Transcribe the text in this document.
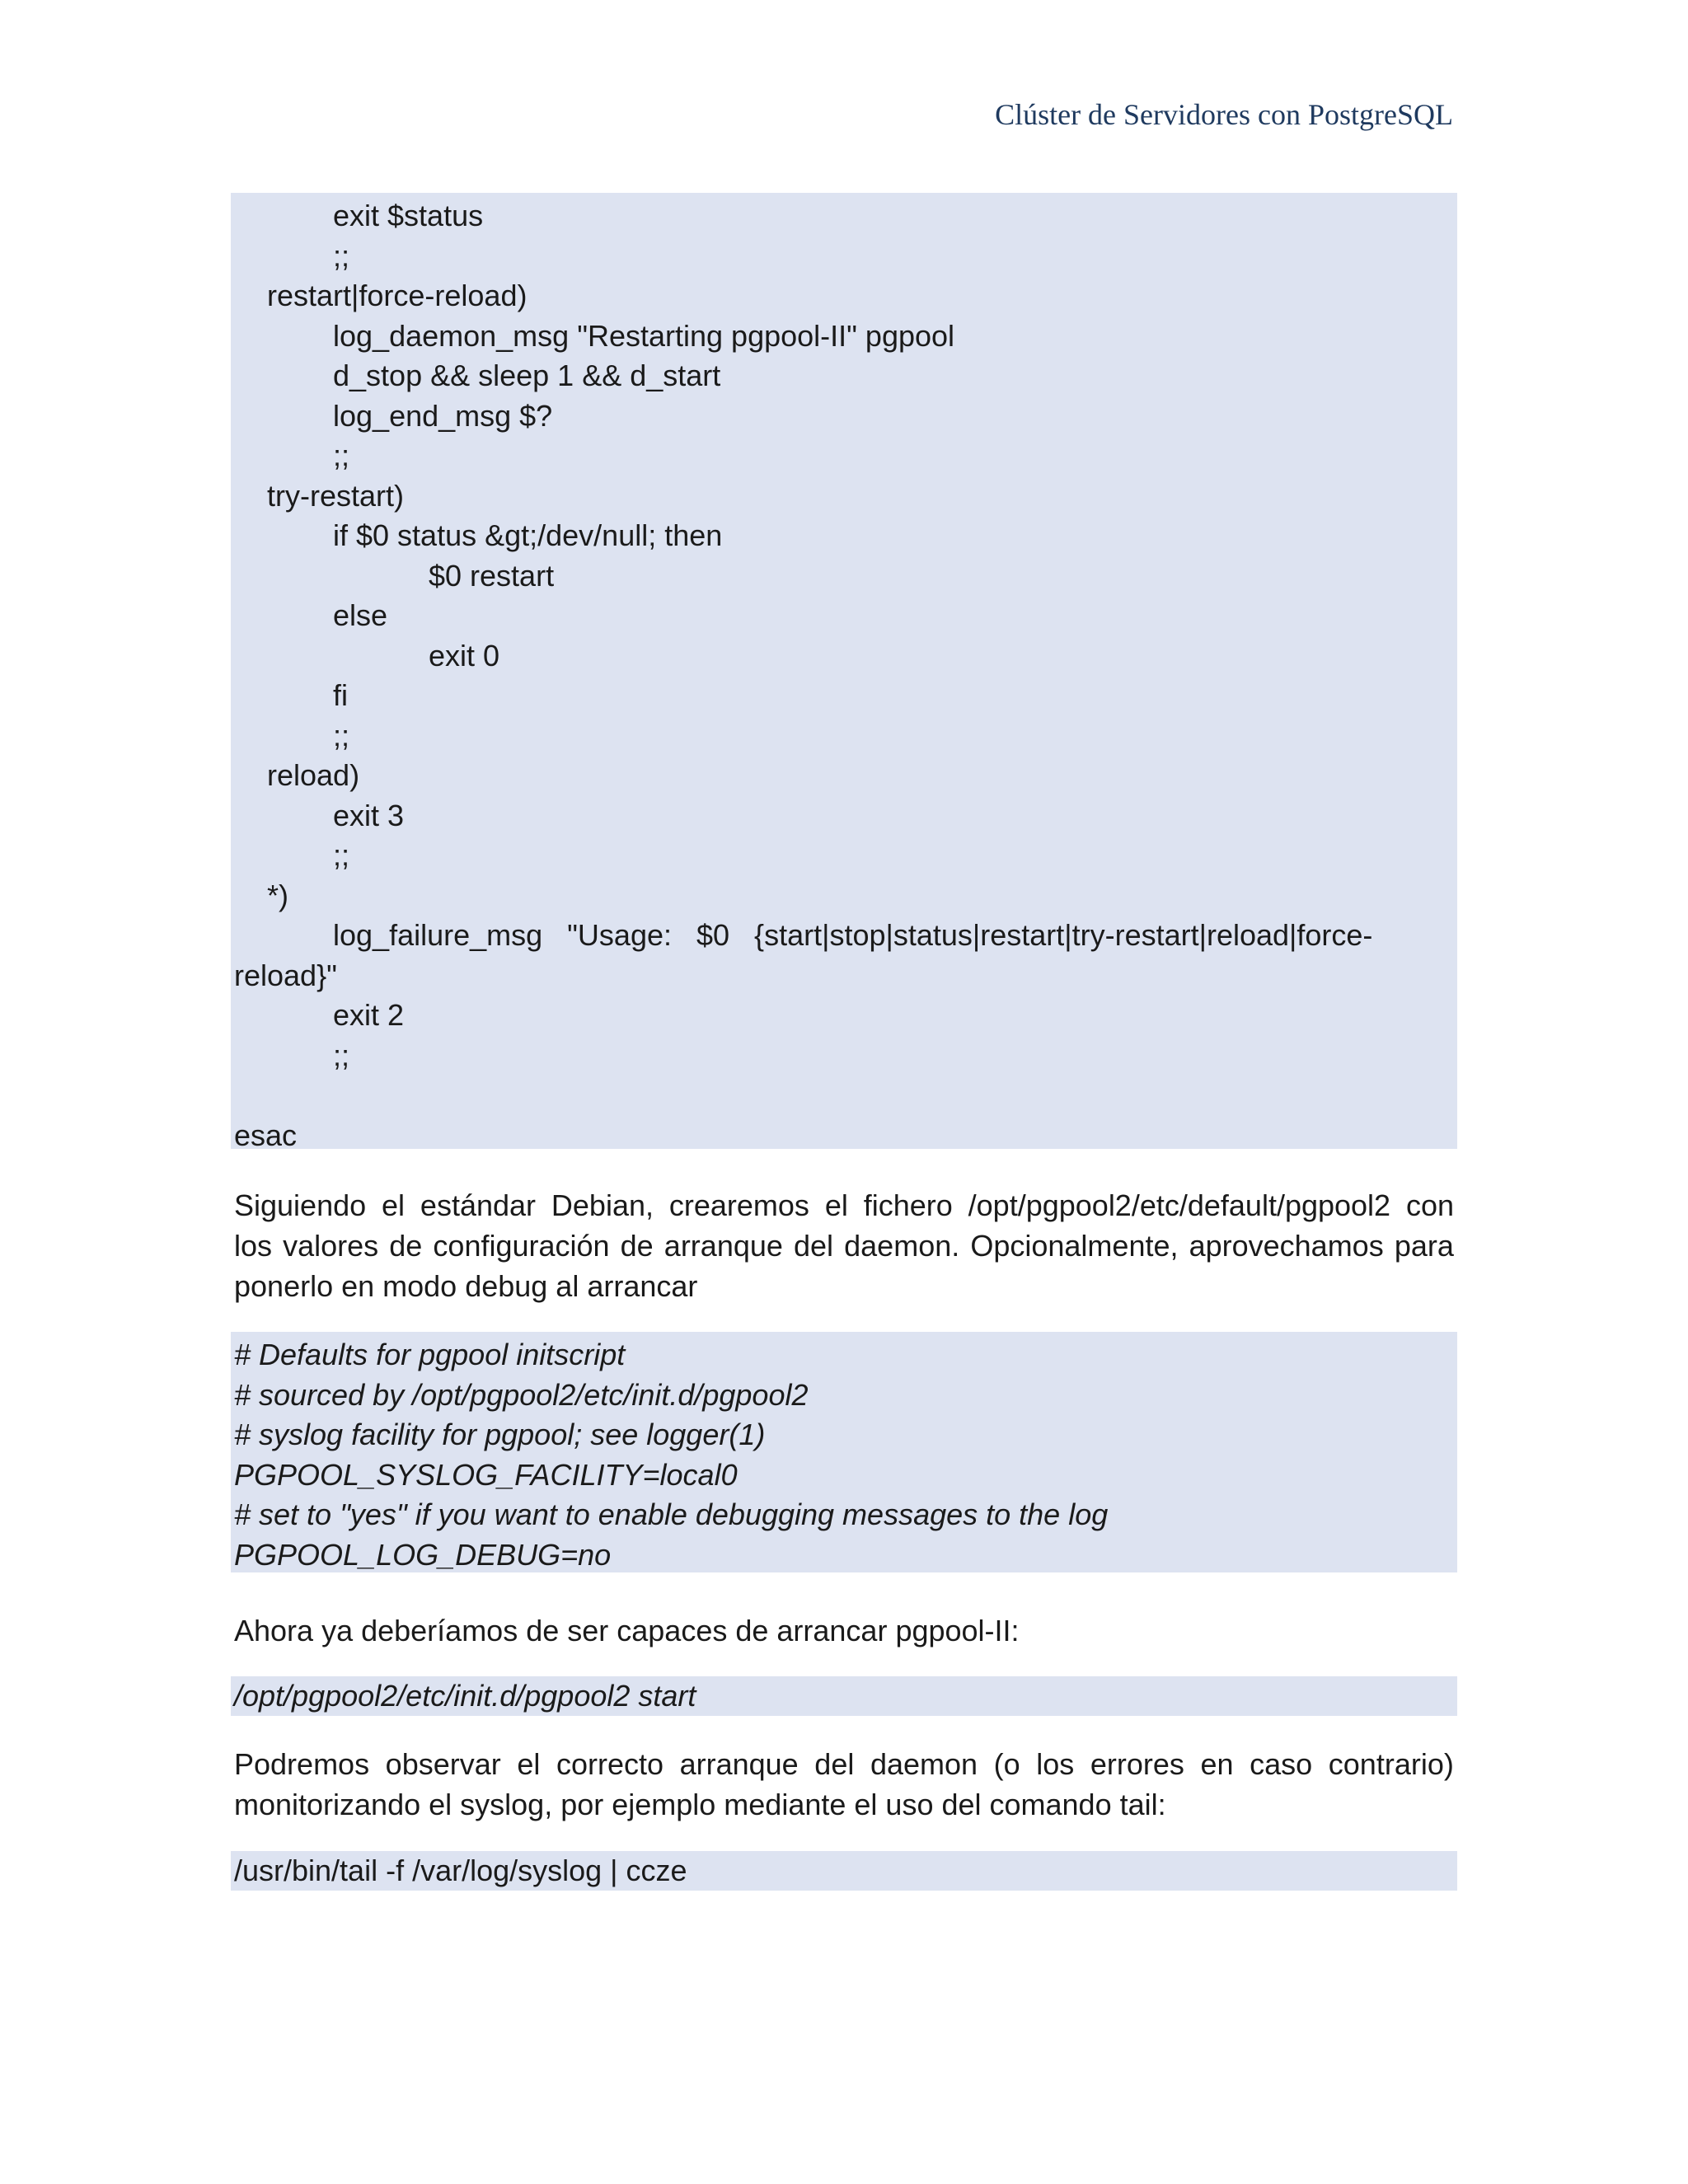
Clúster de Servidores con PostgreSQL
exit $status
;;
restart|force-reload)
log_daemon_msg "Restarting pgpool-II" pgpool
d_stop && sleep 1 && d_start
log_end_msg $?
;;
try-restart)
if $0 status &gt;/dev/null; then
$0 restart
else
exit 0
fi
;;
reload)
exit 3
;;
*)
log_failure_msg   "Usage:   $0   {start|stop|status|restart|try-restart|reload|force-
reload}"
exit 2
;;
esac
Siguiendo el estándar Debian, crearemos el fichero /opt/pgpool2/etc/default/pgpool2 con
los valores de configuración de arranque del daemon. Opcionalmente, aprovechamos para
ponerlo en modo debug al arrancar
# Defaults for pgpool initscript
# sourced by /opt/pgpool2/etc/init.d/pgpool2
# syslog facility for pgpool; see logger(1)
PGPOOL_SYSLOG_FACILITY=local0
# set to "yes" if you want to enable debugging messages to the log
PGPOOL_LOG_DEBUG=no
Ahora ya deberíamos de ser capaces de arrancar pgpool-II:
/opt/pgpool2/etc/init.d/pgpool2 start
Podremos observar el correcto arranque del daemon (o los errores en caso contrario)
monitorizando el syslog, por ejemplo mediante el uso del comando tail:
/usr/bin/tail -f /var/log/syslog | ccze
